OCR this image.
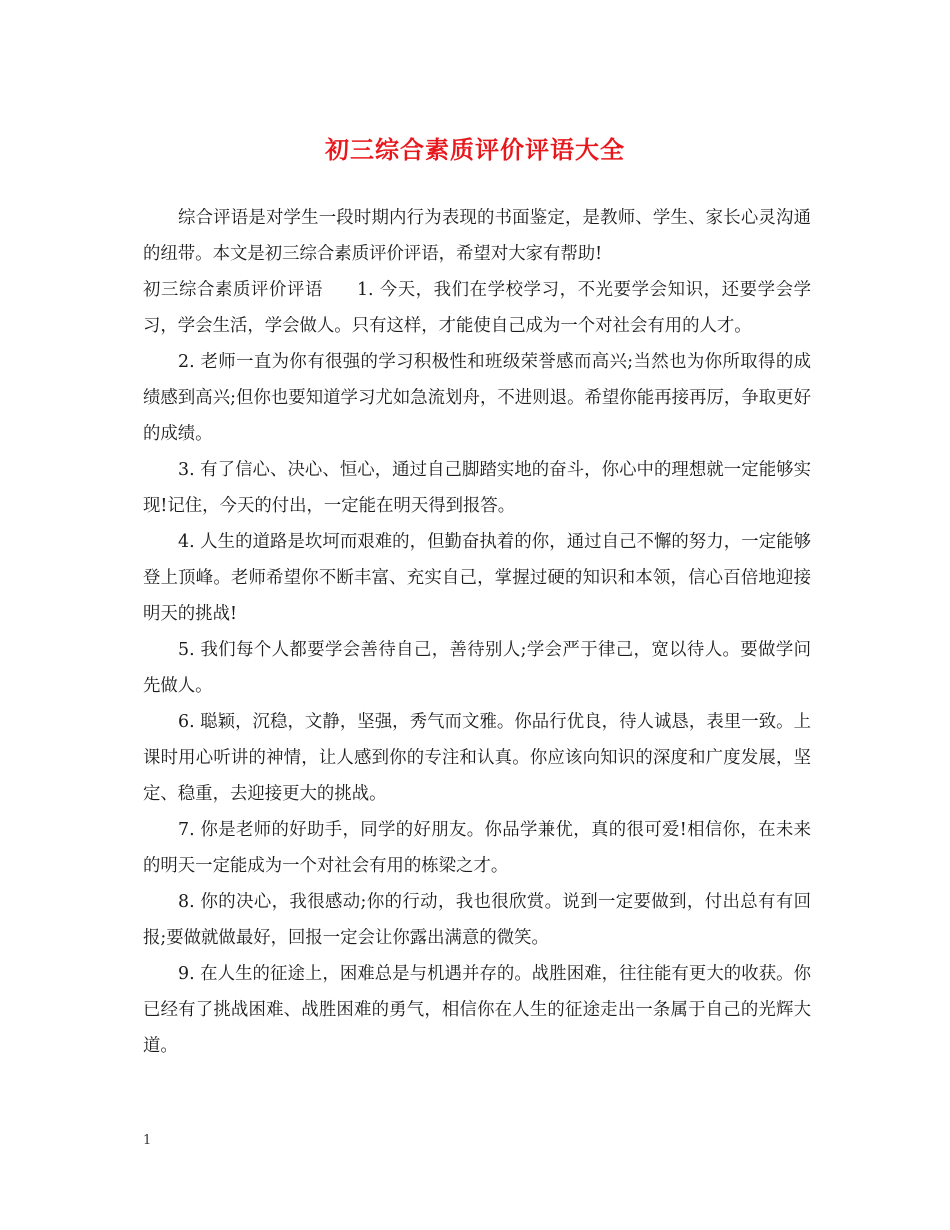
初三综合素质评价评语大全

综合评语是对学生一段时期内行为表现的书面鉴定，是教师、学生、家长心灵沟通的纽带。本文是初三综合素质评价评语，希望对大家有帮助!

初三综合素质评价评语 1. 今天，我们在学校学习，不光要学会知识，还要学会学习，学会生活，学会做人。只有这样，才能使自己成为一个对社会有用的人才。

2. 老师一直为你有很强的学习积极性和班级荣誉感而高兴;当然也为你所取得的成绩感到高兴;但你也要知道学习尤如急流划舟，不进则退。希望你能再接再厉，争取更好的成绩。

3. 有了信心、决心、恒心，通过自己脚踏实地的奋斗，你心中的理想就一定能够实现!记住，今天的付出，一定能在明天得到报答。

4. 人生的道路是坎坷而艰难的，但勤奋执着的你，通过自己不懈的努力，一定能够登上顶峰。老师希望你不断丰富、充实自己，掌握过硬的知识和本领，信心百倍地迎接明天的挑战!

5. 我们每个人都要学会善待自己，善待别人;学会严于律己，宽以待人。要做学问先做人。

6. 聪颖，沉稳，文静，坚强，秀气而文雅。你品行优良，待人诚恳，表里一致。上课时用心听讲的神情，让人感到你的专注和认真。你应该向知识的深度和广度发展，坚定、稳重，去迎接更大的挑战。

7. 你是老师的好助手，同学的好朋友。你品学兼优，真的很可爱!相信你，在未来的明天一定能成为一个对社会有用的栋梁之才。

8. 你的决心，我很感动;你的行动，我也很欣赏。说到一定要做到，付出总有有回报;要做就做最好，回报一定会让你露出满意的微笑。

9. 在人生的征途上，困难总是与机遇并存的。战胜困难，往往能有更大的收获。你已经有了挑战困难、战胜困难的勇气，相信你在人生的征途走出一条属于自己的光辉大道。

1
